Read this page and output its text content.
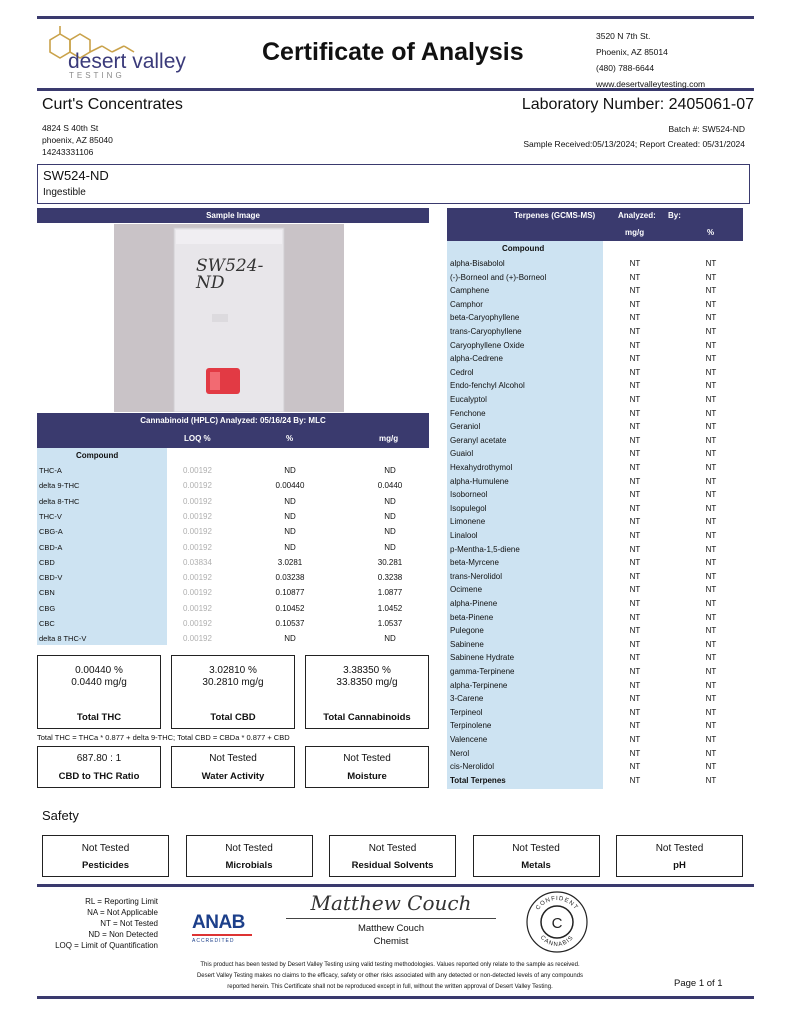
desert valley
TESTING
Certificate of Analysis
3520 N 7th St.
Phoenix, AZ 85014
(480) 788-6644
www.desertvalleytesting.com
Curt's Concentrates	Laboratory Number: 2405061-07
4824 S 40th St
phoenix, AZ 85040
14243331106
Batch #: SW524-ND
Sample Received:05/13/2024; Report Created: 05/31/2024
SW524-ND
Ingestible
Sample Image
SW524-
ND
Cannabinoid (HPLC) Analyzed: 05/16/24 By: MLC
LOQ %	%	mg/g
Compound
THC-A	0.00192	ND	ND
delta 9-THC	0.00192	0.00440	0.0440
delta 8-THC	0.00192	ND	ND
THC-V	0.00192	ND	ND
CBG-A	0.00192	ND	ND
CBD-A	0.00192	ND	ND
CBD	0.03834	3.0281	30.281
CBD-V	0.00192	0.03238	0.3238
CBN	0.00192	0.10877	1.0877
CBG	0.00192	0.10452	1.0452
CBC	0.00192	0.10537	1.0537
delta 8 THC-V	0.00192	ND	ND
0.00440 %
0.0440 mg/g
Total THC
3.02810 %
30.2810 mg/g
Total CBD
3.38350 %
33.8350 mg/g
Total Cannabinoids
Total THC = THCa * 0.877 + delta 9-THC; Total CBD = CBDa * 0.877 + CBD
687.80 : 1
CBD to THC Ratio
Not Tested
Water Activity
Not Tested
Moisture
Terpenes (GCMS-MS)	Analyzed: By:
mg/g	%
Compound
alpha-Bisabolol	NT	NT
(-)-Borneol and (+)-Borneol	NT	NT
Camphene	NT	NT
Camphor	NT	NT
beta-Caryophyllene	NT	NT
trans-Caryophyllene	NT	NT
Caryophyllene Oxide	NT	NT
alpha-Cedrene	NT	NT
Cedrol	NT	NT
Endo-fenchyl Alcohol	NT	NT
Eucalyptol	NT	NT
Fenchone	NT	NT
Geraniol	NT	NT
Geranyl acetate	NT	NT
Guaiol	NT	NT
Hexahydrothymol	NT	NT
alpha-Humulene	NT	NT
Isoborneol	NT	NT
Isopulegol	NT	NT
Limonene	NT	NT
Linalool	NT	NT
p-Mentha-1,5-diene	NT	NT
beta-Myrcene	NT	NT
trans-Nerolidol	NT	NT
Ocimene	NT	NT
alpha-Pinene	NT	NT
beta-Pinene	NT	NT
Pulegone	NT	NT
Sabinene	NT	NT
Sabinene Hydrate	NT	NT
gamma-Terpinene	NT	NT
alpha-Terpinene	NT	NT
3-Carene	NT	NT
Terpineol	NT	NT
Terpinolene	NT	NT
Valencene	NT	NT
Nerol	NT	NT
cis-Nerolidol	NT	NT
Total Terpenes	NT	NT
Safety
Not Tested
Pesticides
Not Tested
Microbials
Not Tested
Residual Solvents
Not Tested
Metals
Not Tested
pH
RL = Reporting Limit
NA = Not Applicable
NT = Not Tested
ND = Non Detected
LOQ = Limit of Quantification
ANAB
ACCREDITED
Matthew Couch
Matthew Couch
Chemist
C
CONFIDENT
CANNABIS
This product has been tested by Desert Valley Testing using valid testing methodologies. Values reported only relate to the sample as received.
Desert Valley Testing makes no claims to the efficacy, safety or other risks associated with any detected or non-detected levels of any compounds
reported herein. This Certificate shall not be reproduced except in full, without the written approval of Desert Valley Testing.	Page 1 of 1
